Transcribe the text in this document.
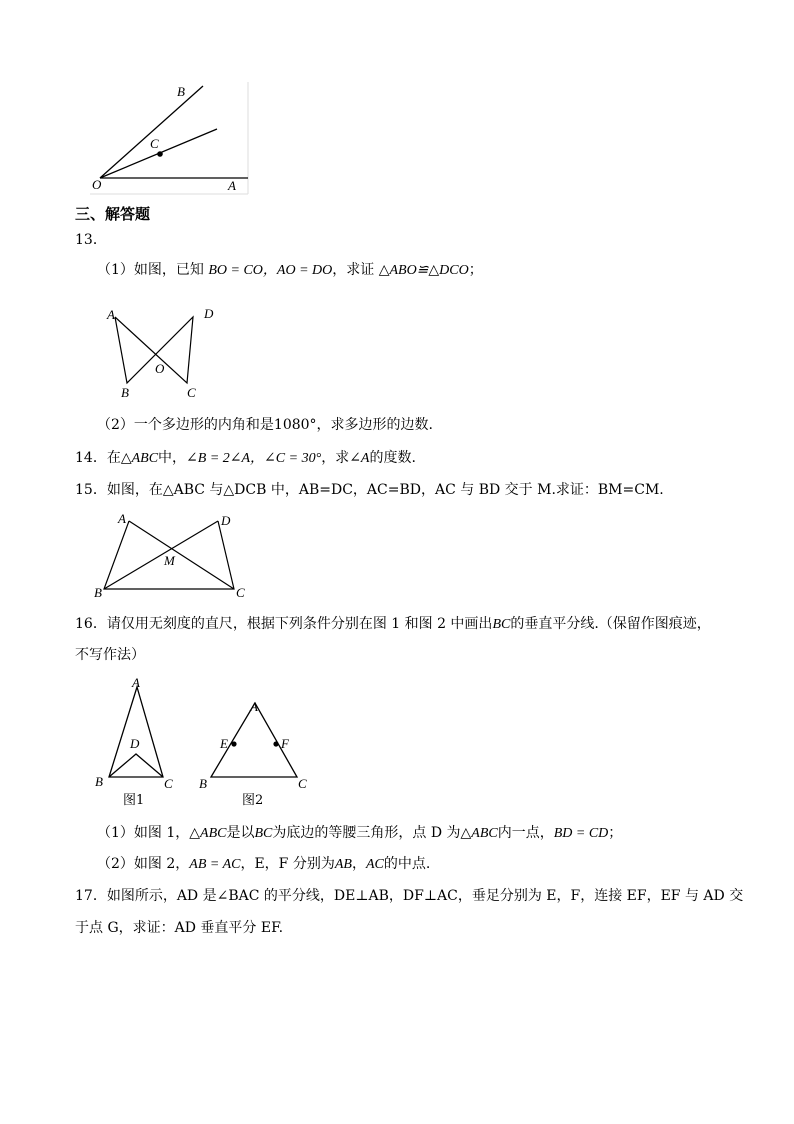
B
C
O	A
三、解答题
13．
（1）如图，已知 BO = CO，AO = DO，求证 △ABO≌△DCO；
A	D
O
B	C
（2）一个多边形的内角和是1080°，求多边形的边数.
14．在△ABC中，∠B = 2∠A，∠C = 30°，求∠A的度数.
15．如图，在△ABC 与△DCB 中，AB=DC，AC=BD，AC 与 BD 交于 M.求证：BM=CM.
A	D
M
B	C
16．请仅用无刻度的直尺，根据下列条件分别在图 1 和图 2 中画出BC的垂直平分线.（保留作图痕迹，
不写作法）
A
D
B	C
图1
A
E	F
B	C
图2
（1）如图 1，△ABC是以BC为底边的等腰三角形，点 D 为△ABC内一点，BD = CD；
（2）如图 2，AB = AC，E，F 分别为AB，AC的中点.
17．如图所示，AD 是∠BAC 的平分线，DE⊥AB，DF⊥AC，垂足分别为 E，F，连接 EF，EF 与 AD 交
于点 G，求证：AD 垂直平分 EF.
